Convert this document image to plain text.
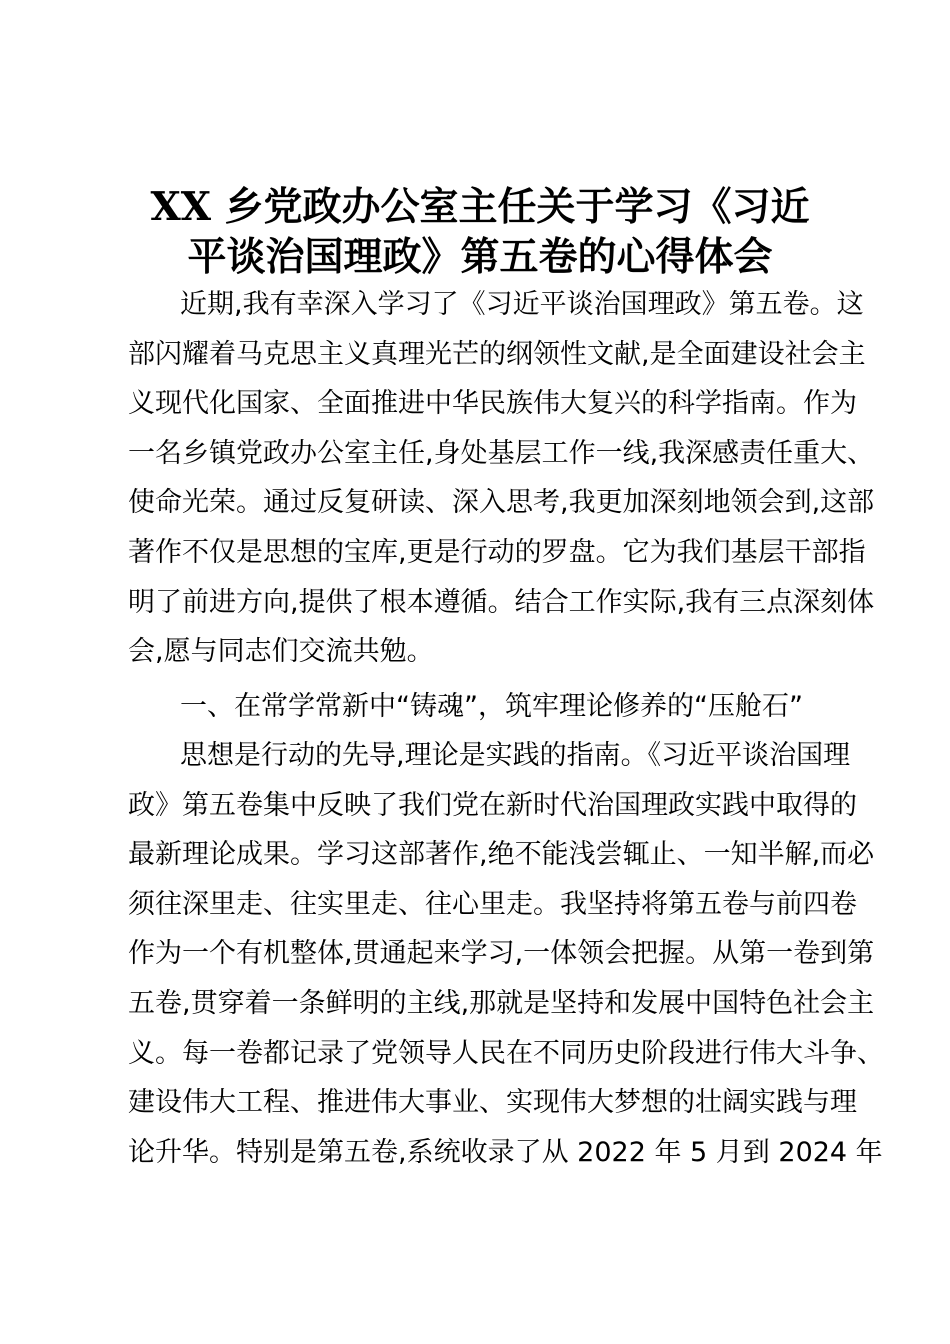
XX 乡党政办公室主任关于学习《习近
平谈治国理政》第五卷的心得体会
近期,我有幸深入学习了《习近平谈治国理政》第五卷。这
部闪耀着马克思主义真理光芒的纲领性文献,是全面建设社会主
义现代化国家、全面推进中华民族伟大复兴的科学指南。作为
一名乡镇党政办公室主任,身处基层工作一线,我深感责任重大、
使命光荣。通过反复研读、深入思考,我更加深刻地领会到,这部
著作不仅是思想的宝库,更是行动的罗盘。它为我们基层干部指
明了前进方向,提供了根本遵循。结合工作实际,我有三点深刻体
会,愿与同志们交流共勉。
一、在常学常新中“铸魂”，筑牢理论修养的“压舱石”
思想是行动的先导,理论是实践的指南。《习近平谈治国理
政》第五卷集中反映了我们党在新时代治国理政实践中取得的
最新理论成果。学习这部著作,绝不能浅尝辄止、一知半解,而必
须往深里走、往实里走、往心里走。我坚持将第五卷与前四卷
作为一个有机整体,贯通起来学习,一体领会把握。从第一卷到第
五卷,贯穿着一条鲜明的主线,那就是坚持和发展中国特色社会主
义。每一卷都记录了党领导人民在不同历史阶段进行伟大斗争、
建设伟大工程、推进伟大事业、实现伟大梦想的壮阔实践与理
论升华。特别是第五卷,系统收录了从 2022 年 5 月到 2024 年
